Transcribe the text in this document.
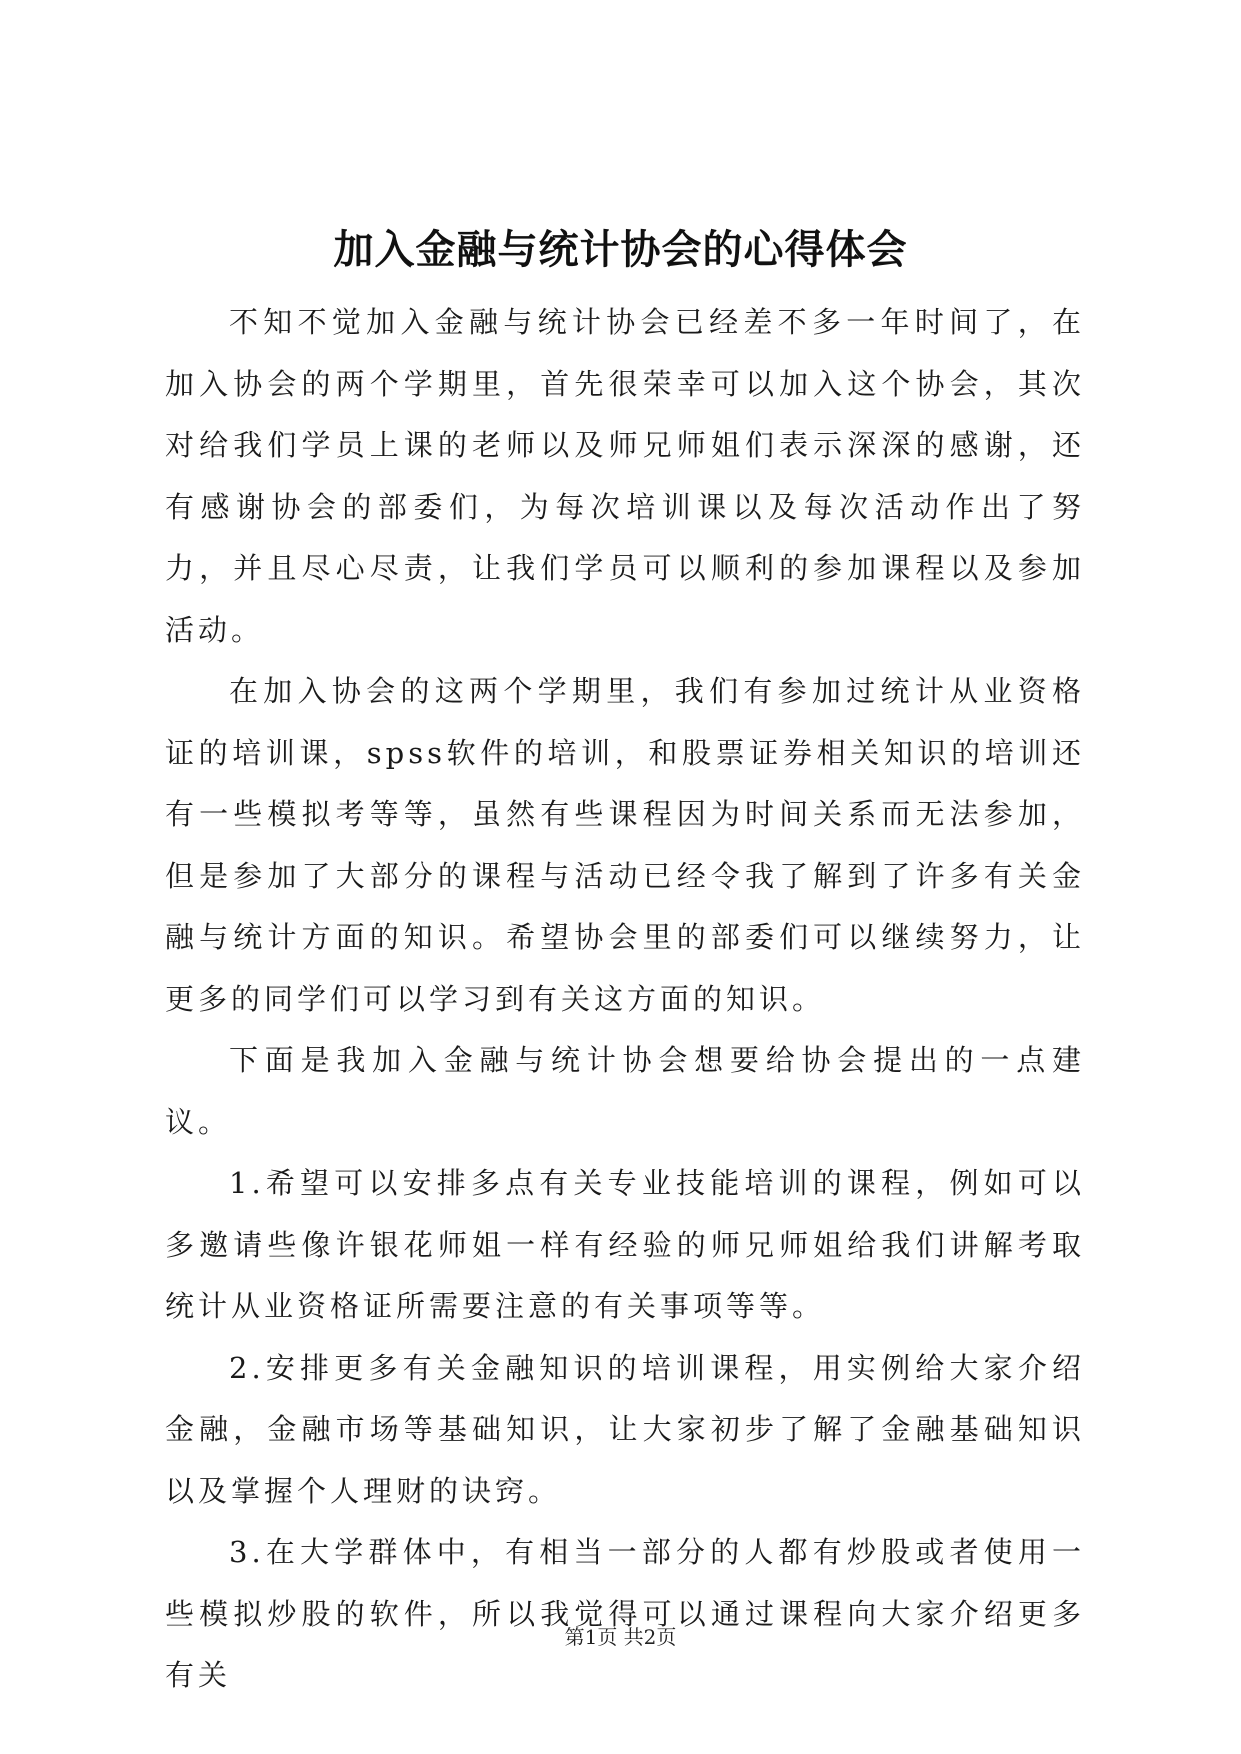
加入金融与统计协会的心得体会

不知不觉加入金融与统计协会已经差不多一年时间了，在加入协会的两个学期里，首先很荣幸可以加入这个协会，其次对给我们学员上课的老师以及师兄师姐们表示深深的感谢，还有感谢协会的部委们，为每次培训课以及每次活动作出了努力，并且尽心尽责，让我们学员可以顺利的参加课程以及参加活动。

在加入协会的这两个学期里，我们有参加过统计从业资格证的培训课，spss软件的培训，和股票证券相关知识的培训还有一些模拟考等等，虽然有些课程因为时间关系而无法参加，但是参加了大部分的课程与活动已经令我了解到了许多有关金融与统计方面的知识。希望协会里的部委们可以继续努力，让更多的同学们可以学习到有关这方面的知识。

下面是我加入金融与统计协会想要给协会提出的一点建议。

1.希望可以安排多点有关专业技能培训的课程，例如可以多邀请些像许银花师姐一样有经验的师兄师姐给我们讲解考取统计从业资格证所需要注意的有关事项等等。

2.安排更多有关金融知识的培训课程，用实例给大家介绍金融，金融市场等基础知识，让大家初步了解了金融基础知识以及掌握个人理财的诀窍。

3.在大学群体中，有相当一部分的人都有炒股或者使用一些模拟炒股的软件，所以我觉得可以通过课程向大家介绍更多有关

第1页 共2页
